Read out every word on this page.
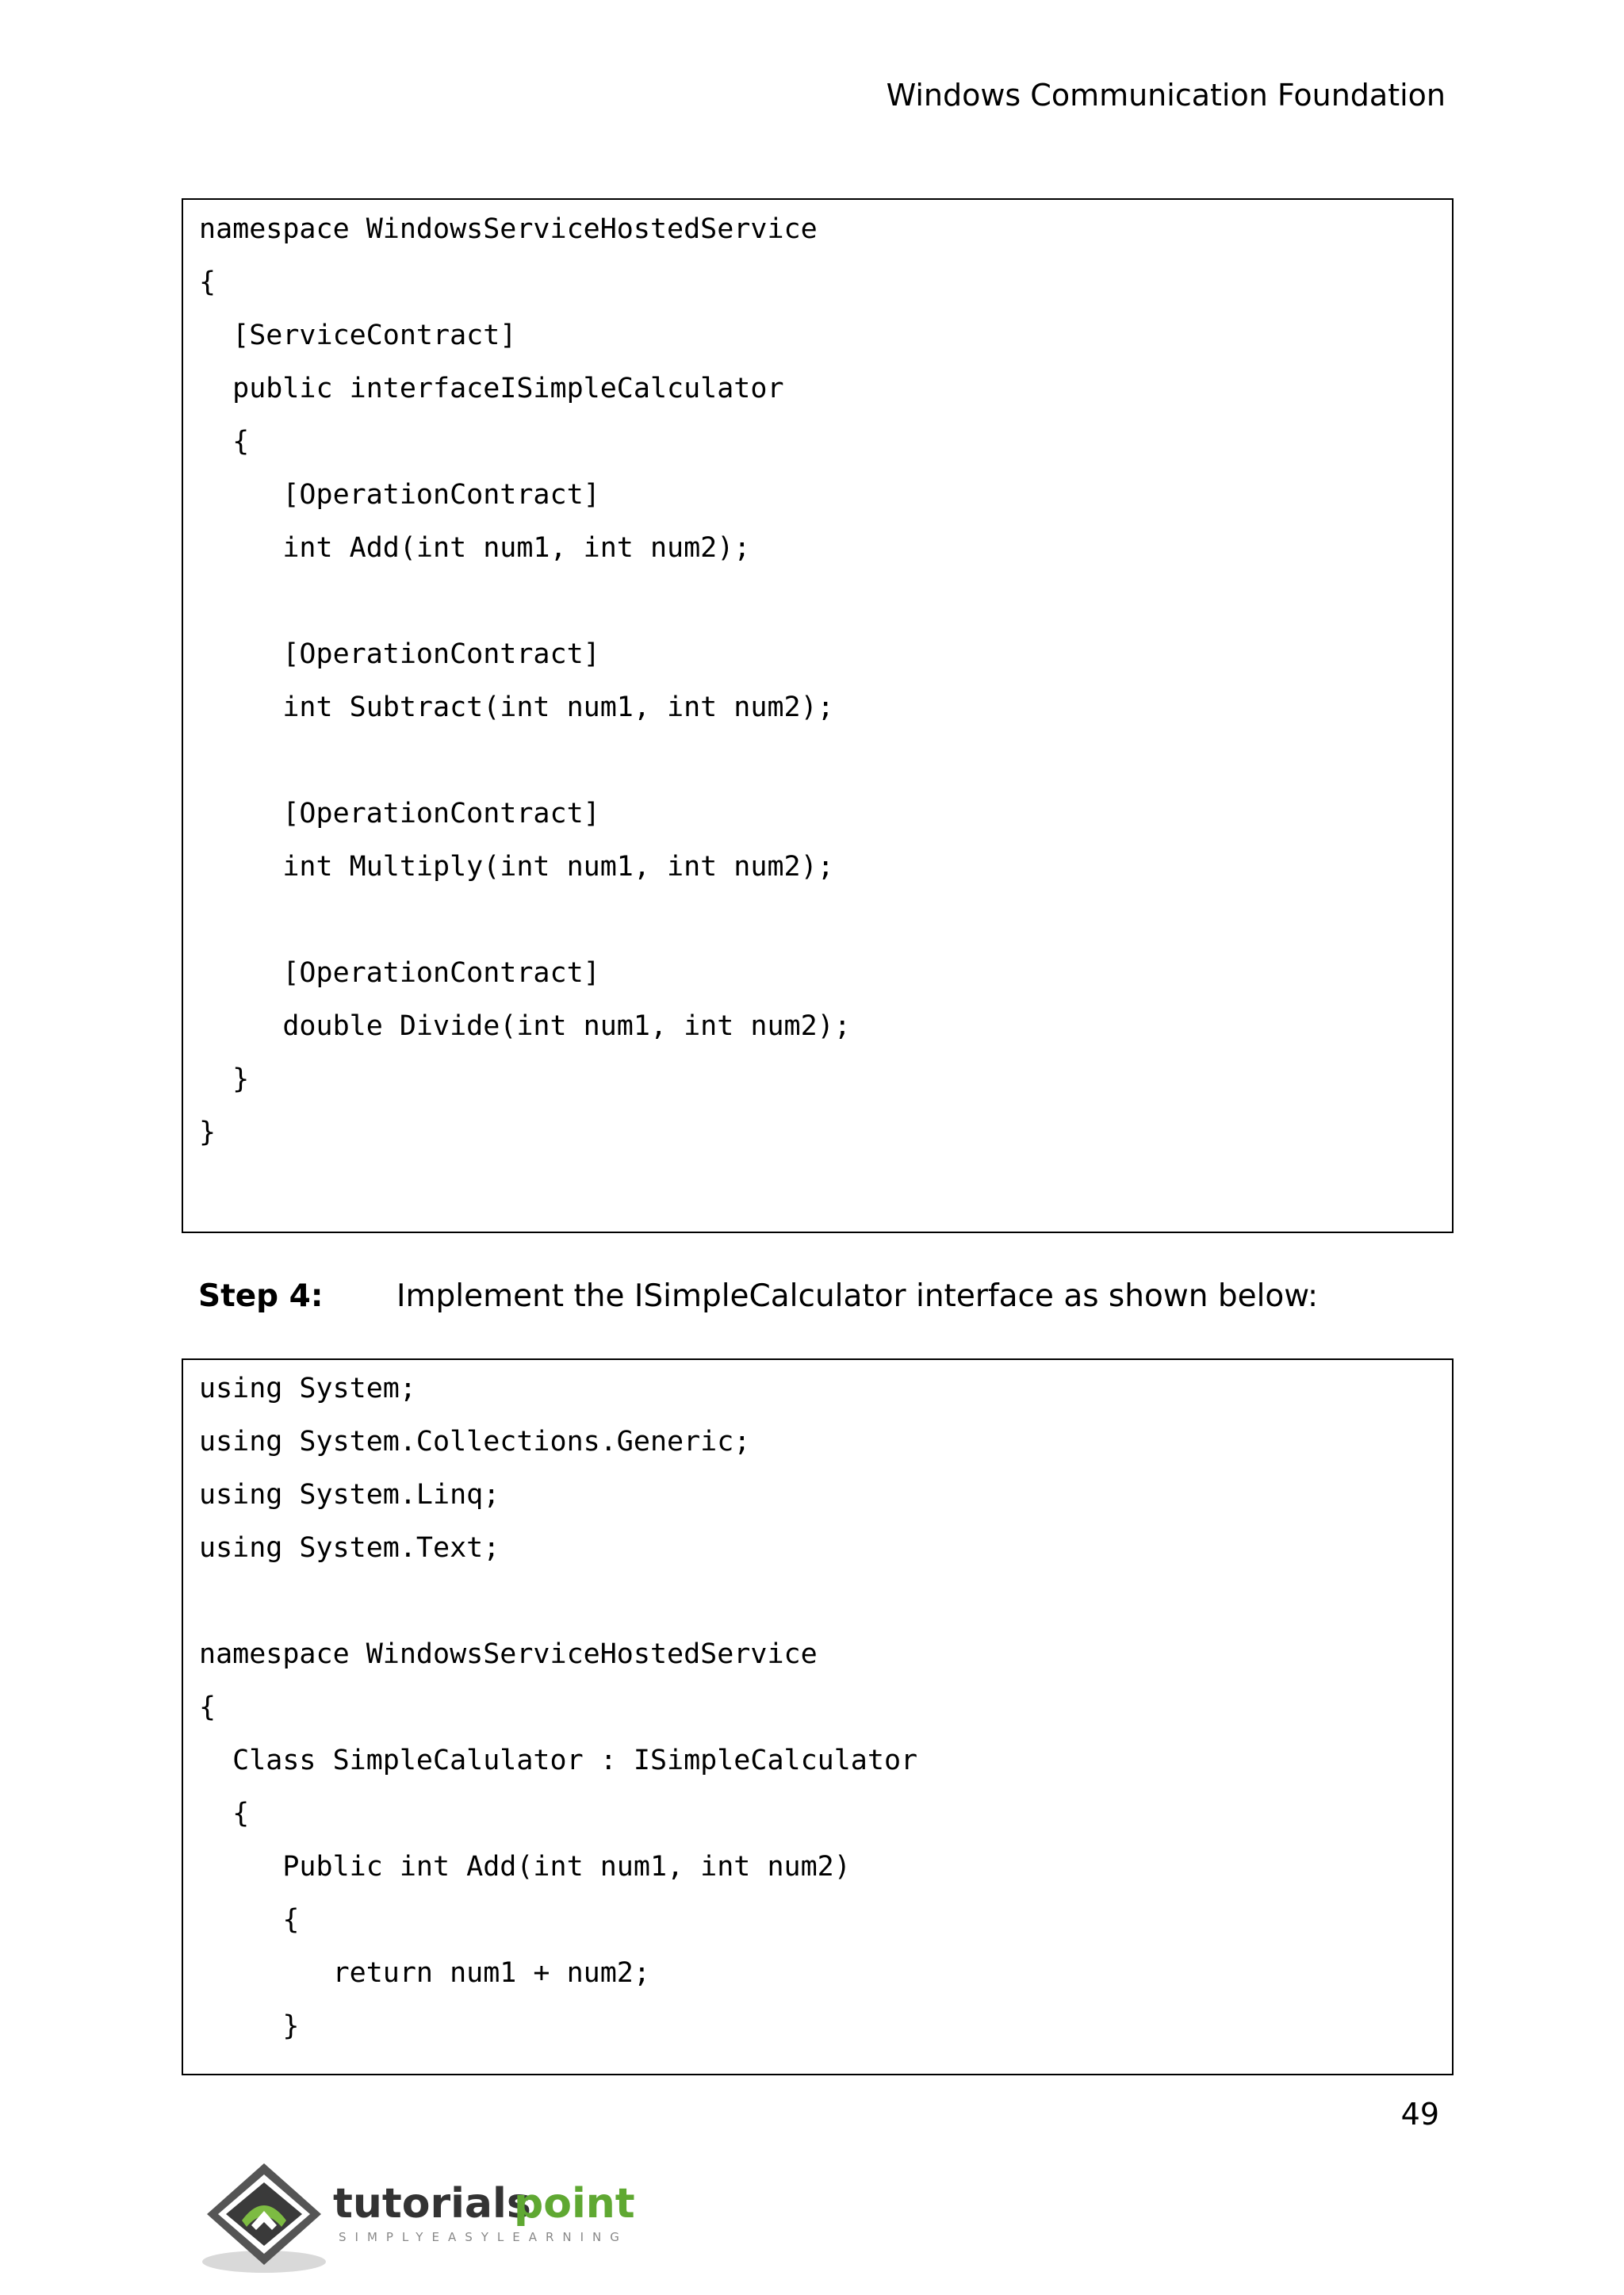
Windows Communication Foundation
namespace WindowsServiceHostedService
{
[ServiceContract]
public interfaceISimpleCalculator
{
[OperationContract]
int Add(int num1, int num2);
[OperationContract]
int Subtract(int num1, int num2);
[OperationContract]
int Multiply(int num1, int num2);
[OperationContract]
double Divide(int num1, int num2);
}
}
Step 4: Implement the ISimpleCalculator interface as shown below:
using System;
using System.Collections.Generic;
using System.Linq;
using System.Text;
namespace WindowsServiceHostedService
{
Class SimpleCalulator : ISimpleCalculator
{
Public int Add(int num1, int num2)
{
return num1 + num2;
}
49
tutorials
point
SIMPLYEASYLEARNING
